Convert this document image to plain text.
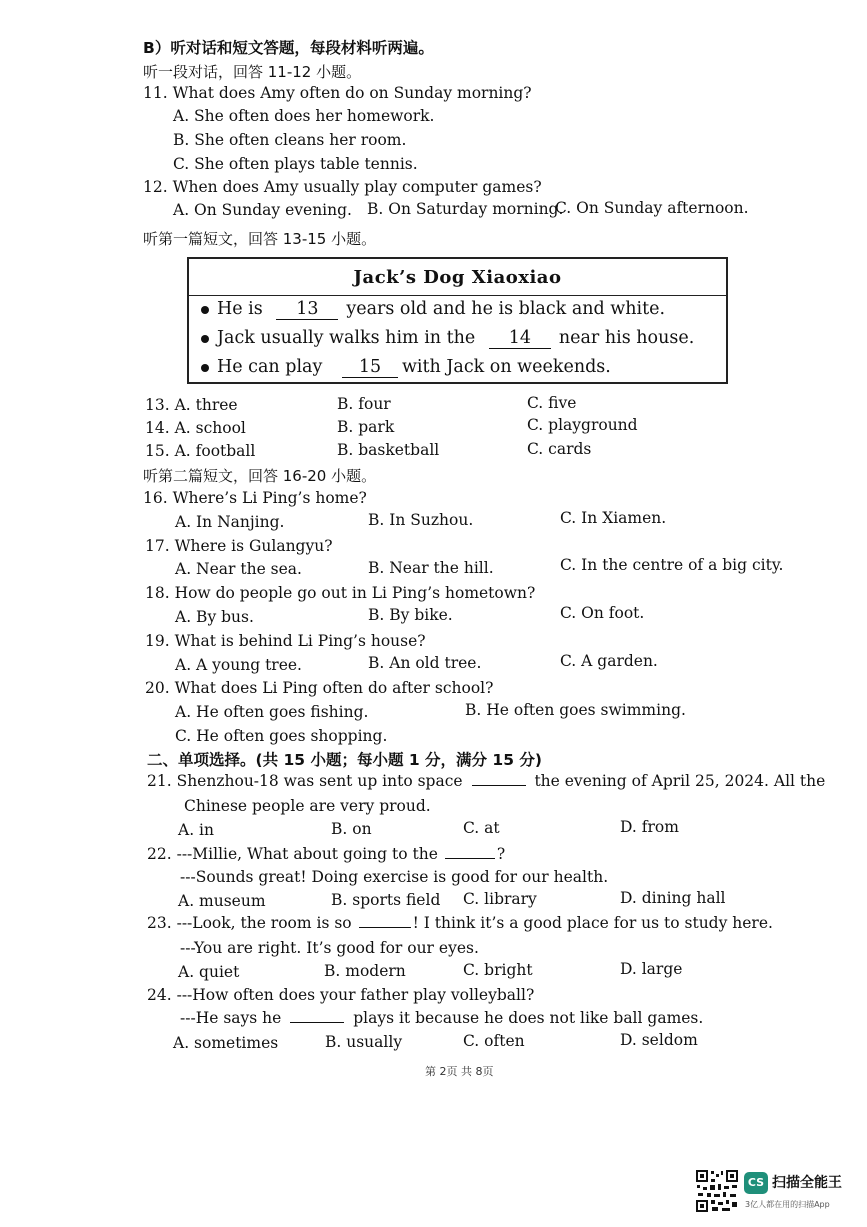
B）听对话和短文答题，每段材料听两遍。
听一段对话，回答 11-12 小题。
11. What does Amy often do on Sunday morning?
A. She often does her homework.
B. She often cleans her room.
C. She often plays table tennis.
12. When does Amy usually play computer games?
A. On Sunday evening. B. On Saturday morning.
C. On Sunday afternoon.
听第一篇短文，回答 13-15 小题。
Jack’s Dog Xiaoxiao
He is 13 years old and he is black and white.
Jack usually walks him in the 14 near his house.
He can play 15 with Jack on weekends.
13. A. three	B. four	C. five
14. A. school	B. park	C. playground
15. A. football	B. basketball	C. cards
听第二篇短文，回答 16-20 小题。
16. Where’s Li Ping’s home?
A. In Nanjing.	B. In Suzhou.	C. In Xiamen.
17. Where is Gulangyu?
A. Near the sea.	B. Near the hill.	C. In the centre of a big city.
18. How do people go out in Li Ping’s hometown?
A. By bus.	B. By bike.	C. On foot.
19. What is behind Li Ping’s house?
A. A young tree.	B. An old tree.	C. A garden.
20. What does Li Ping often do after school?
A. He often goes fishing.	B. He often goes swimming.
C. He often goes shopping.
二、单项选择。(共 15 小题；每小题 1 分，满分 15 分)
21. Shenzhou-18 was sent up into space	the evening of April 25, 2024. All the
Chinese people are very proud.
A. in	B. on	C. at	D. from
22. ---Millie, What about going to the	?
---Sounds great! Doing exercise is good for our health.
A. museum	B. sports field C. library	D. dining hall
23. ---Look, the room is so	! I think it’s a good place for us to study here.
---You are right. It’s good for our eyes.
A. quiet	B. modern	C. bright	D. large
24. ---How often does your father play volleyball?
---He says he	plays it because he does not like ball games.
A. sometimes	B. usually	C. often	D. seldom
第 2页 共 8页
CS 扫描全能王
3亿人都在用的扫描App
